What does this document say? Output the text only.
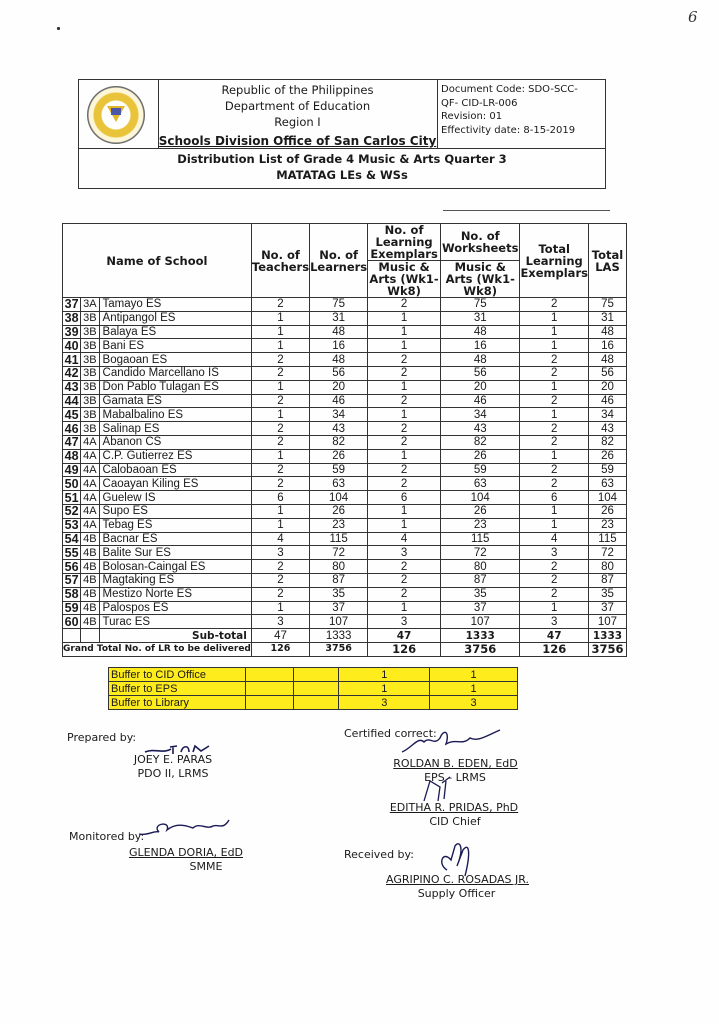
6
Republic of the Philippines
Department of Education
Region I
Schools Division Office of San Carlos City
Document Code: SDO-SCC-
QF- CID-LR-006
Revision: 01
Effectivity date: 8-15-2019
Distribution List of Grade 4 Music & Arts Quarter 3
MATATAG LEs & WSs
Name of School			No. of Teachers	No. of Learners	No. of Learning Exemplars	No. of Worksheets	Total Learning Exemplars	Total LAS
					Music & Arts (Wk1-Wk8)	Music & Arts (Wk1-Wk8)		
37	3A	Tamayo ES	2	75	2	75	2	75
38	3B	Antipangol ES	1	31	1	31	1	31
39	3B	Balaya ES	1	48	1	48	1	48
40	3B	Bani ES	1	16	1	16	1	16
41	3B	Bogaoan ES	2	48	2	48	2	48
42	3B	Candido Marcellano IS	2	56	2	56	2	56
43	3B	Don Pablo Tulagan ES	1	20	1	20	1	20
44	3B	Gamata ES	2	46	2	46	2	46
45	3B	Mabalbalino ES	1	34	1	34	1	34
46	3B	Salinap ES	2	43	2	43	2	43
47	4A	Abanon CS	2	82	2	82	2	82
48	4A	C.P. Gutierrez ES	1	26	1	26	1	26
49	4A	Calobaoan ES	2	59	2	59	2	59
50	4A	Caoayan Kiling ES	2	63	2	63	2	63
51	4A	Guelew IS	6	104	6	104	6	104
52	4A	Supo ES	1	26	1	26	1	26
53	4A	Tebag ES	1	23	1	23	1	23
54	4B	Bacnar ES	4	115	4	115	4	115
55	4B	Balite Sur ES	3	72	3	72	3	72
56	4B	Bolosan-Caingal ES	2	80	2	80	2	80
57	4B	Magtaking ES	2	87	2	87	2	87
58	4B	Mestizo Norte ES	2	35	2	35	2	35
59	4B	Palospos ES	1	37	1	37	1	37
60	4B	Turac ES	3	107	3	107	3	107
		Sub-total	47	1333	47	1333	47	1333
Grand Total No. of LR to be delivered			126	3756	126	3756	126	3756
Buffer to CID Office			1	1
Buffer to EPS			1	1
Buffer to Library			3	3
Prepared by:
JOEY E. PARAS
PDO II, LRMS
Monitored by:
GLENDA DORIA, EdD
SMME
Certified correct:
ROLDAN B. EDEN, EdD
EPS - LRMS
EDITHA R. PRIDAS, PhD
CID Chief
Received by:
AGRIPINO C. ROSADAS JR.
Supply Officer
